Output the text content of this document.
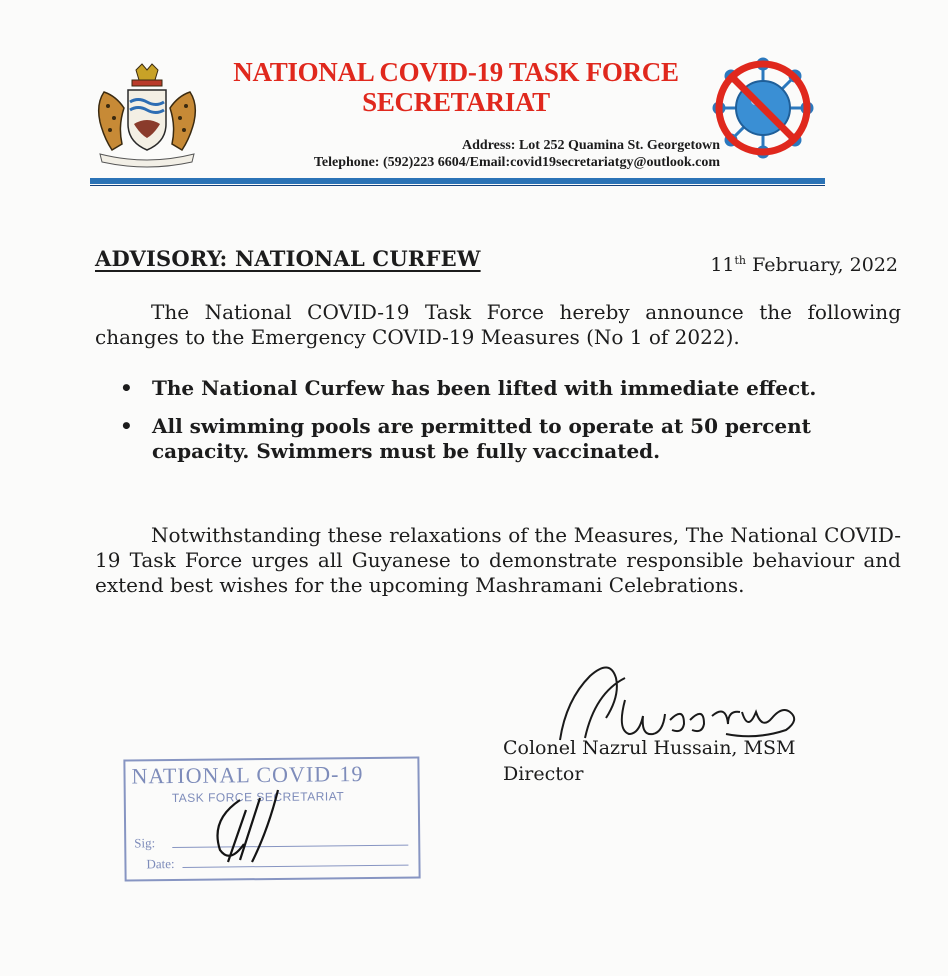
NATIONAL COVID-19 TASK FORCE
SECRETARIAT
Address: Lot 252 Quamina St. Georgetown
Telephone: (592)223 6604/Email:covid19secretariatgy@outlook.com
ADVISORY: NATIONAL CURFEW	11th February, 2022
The National COVID-19 Task Force hereby announce the following changes to the Emergency COVID-19 Measures (No 1 of 2022).
• The National Curfew has been lifted with immediate effect.
• All swimming pools are permitted to operate at 50 percent capacity. Swimmers must be fully vaccinated.
Notwithstanding these relaxations of the Measures, The National COVID-19 Task Force urges all Guyanese to demonstrate responsible behaviour and extend best wishes for the upcoming Mashramani Celebrations.
Colonel Nazrul Hussain, MSM
Director
NATIONAL COVID-19
TASK FORCE SECRETARIAT
Sig:
Date:
